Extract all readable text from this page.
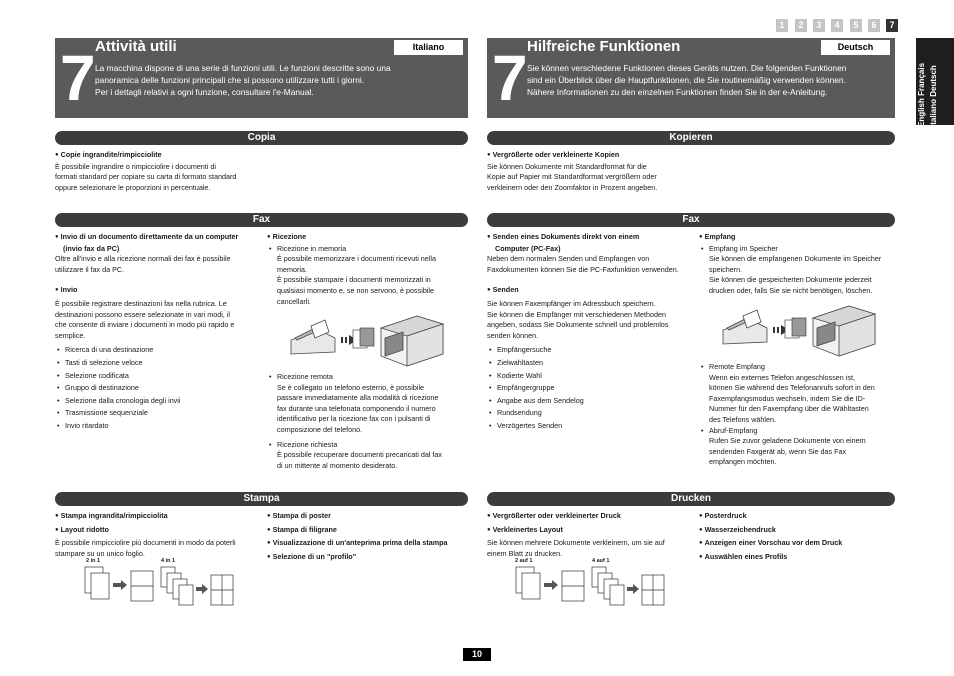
1	2	3	4	5	6	7
English Français Italiano Deutsch
7 Attività utili	Italiano
La macchina dispone di una serie di funzioni utili. Le funzioni descritte sono una
panoramica delle funzioni principali che si possono utilizzare tutti i giorni.
Per i dettagli relativi a ogni funzione, consultare l'e-Manual.	7 Hilfreiche Funktionen	Deutsch
Sie können verschiedene Funktionen dieses Geräts nutzen. Die folgenden Funktionen
sind ein Überblick über die Hauptfunktionen, die Sie routinemäßig verwenden können.
Nähere Informationen zu den einzelnen Funktionen finden Sie in der e-Anleitung.
Copia
● Copie ingrandite/rimpicciolite
È possibile ingrandire o rimpicciolire i documenti di
formati standard per copiare su carta di formato standard
oppure selezionare le proporzioni in percentuale.
Kopieren
● Vergrößerte oder verkleinerte Kopien
Sie können Dokumente mit Standardformat für die
Kopie auf Papier mit Standardformat vergrößern oder
verkleinern oder den Zoomfaktor in Prozent angeben.
Fax
● Invio di un documento direttamente da un computer
(invio fax da PC)
Oltre all'invio e alla ricezione normali dei fax è possibile
utilizzare il fax da PC.
● Invio
È possibile registrare destinazioni fax nella rubrica. Le
destinazioni possono essere selezionate in vari modi, il
che consente di inviare i documenti in modo più rapido e
semplice.
• Ricerca di una destinazione
• Tasti di selezione veloce
• Selezione codificata
• Gruppo di destinazione
• Selezione dalla cronologia degli invii
• Trasmissione sequenziale
• Invio ritardato
● Ricezione
• Ricezione in memoria
È possibile memorizzare i documenti ricevuti nella
memoria.
È possibile stampare i documenti memorizzati in
qualsiasi momento e, se non servono, è possibile
cancellarli.
• Ricezione remota
Se è collegato un telefono esterno, è possibile
passare immediatamente alla modalità di ricezione
fax durante una telefonata componendo il numero
identificativo per la ricezione fax con i pulsanti di
composizione del telefono.
• Ricezione richiesta
È possibile recuperare documenti precaricati dal fax
di un mittente al momento desiderato.
Fax
● Senden eines Dokuments direkt von einem
Computer (PC-Fax)
Neben dem normalen Senden und Empfangen von
Faxdokumenten können Sie die PC-Faxfunktion verwenden.
● Senden
Sie können Faxempfänger im Adressbuch speichern.
Sie können die Empfänger mit verschiedenen Methoden
angeben, sodass Sie Dokumente schnell und problemlos
senden können.
• Empfängersuche
• Zielwahltasten
• Kodierte Wahl
• Empfängergruppe
• Angabe aus dem Sendelog
• Rundsendung
• Verzögertes Senden
● Empfang
• Empfang im Speicher
Sie können die empfangenen Dokumente im Speicher
speichern.
Sie können die gespeicherten Dokumente jederzeit
drucken oder, falls Sie sie nicht benötigen, löschen.
• Remote Empfang
Wenn ein externes Telefon angeschlossen ist,
können Sie während des Telefonanrufs sofort in den
Faxempfangsmodus wechseln, indem Sie die ID-
Nummer für den Faxempfang über die Wähltasten
des Telefons wählen.
• Abruf-Empfang
Rufen Sie zuvor geladene Dokumente von einem
sendenden Faxgerät ab, wenn Sie das Fax
empfangen möchten.
Stampa
● Stampa ingrandita/rimpicciolita
● Layout ridotto
È possibile rimpicciolire più documenti in modo da poterli
stampare su un unico foglio.
● Stampa di poster
● Stampa di filigrane
● Visualizzazione di un'anteprima prima della stampa
● Selezione di un "profilo"
2 in 1	4 in 1
Drucken
● Vergrößerter oder verkleinerter Druck
● Verkleinertes Layout
Sie können mehrere Dokumente verkleinern, um sie auf
einem Blatt zu drucken.
● Posterdruck
● Wasserzeichendruck
● Anzeigen einer Vorschau vor dem Druck
● Auswählen eines Profils
2 auf 1	4 auf 1
10
